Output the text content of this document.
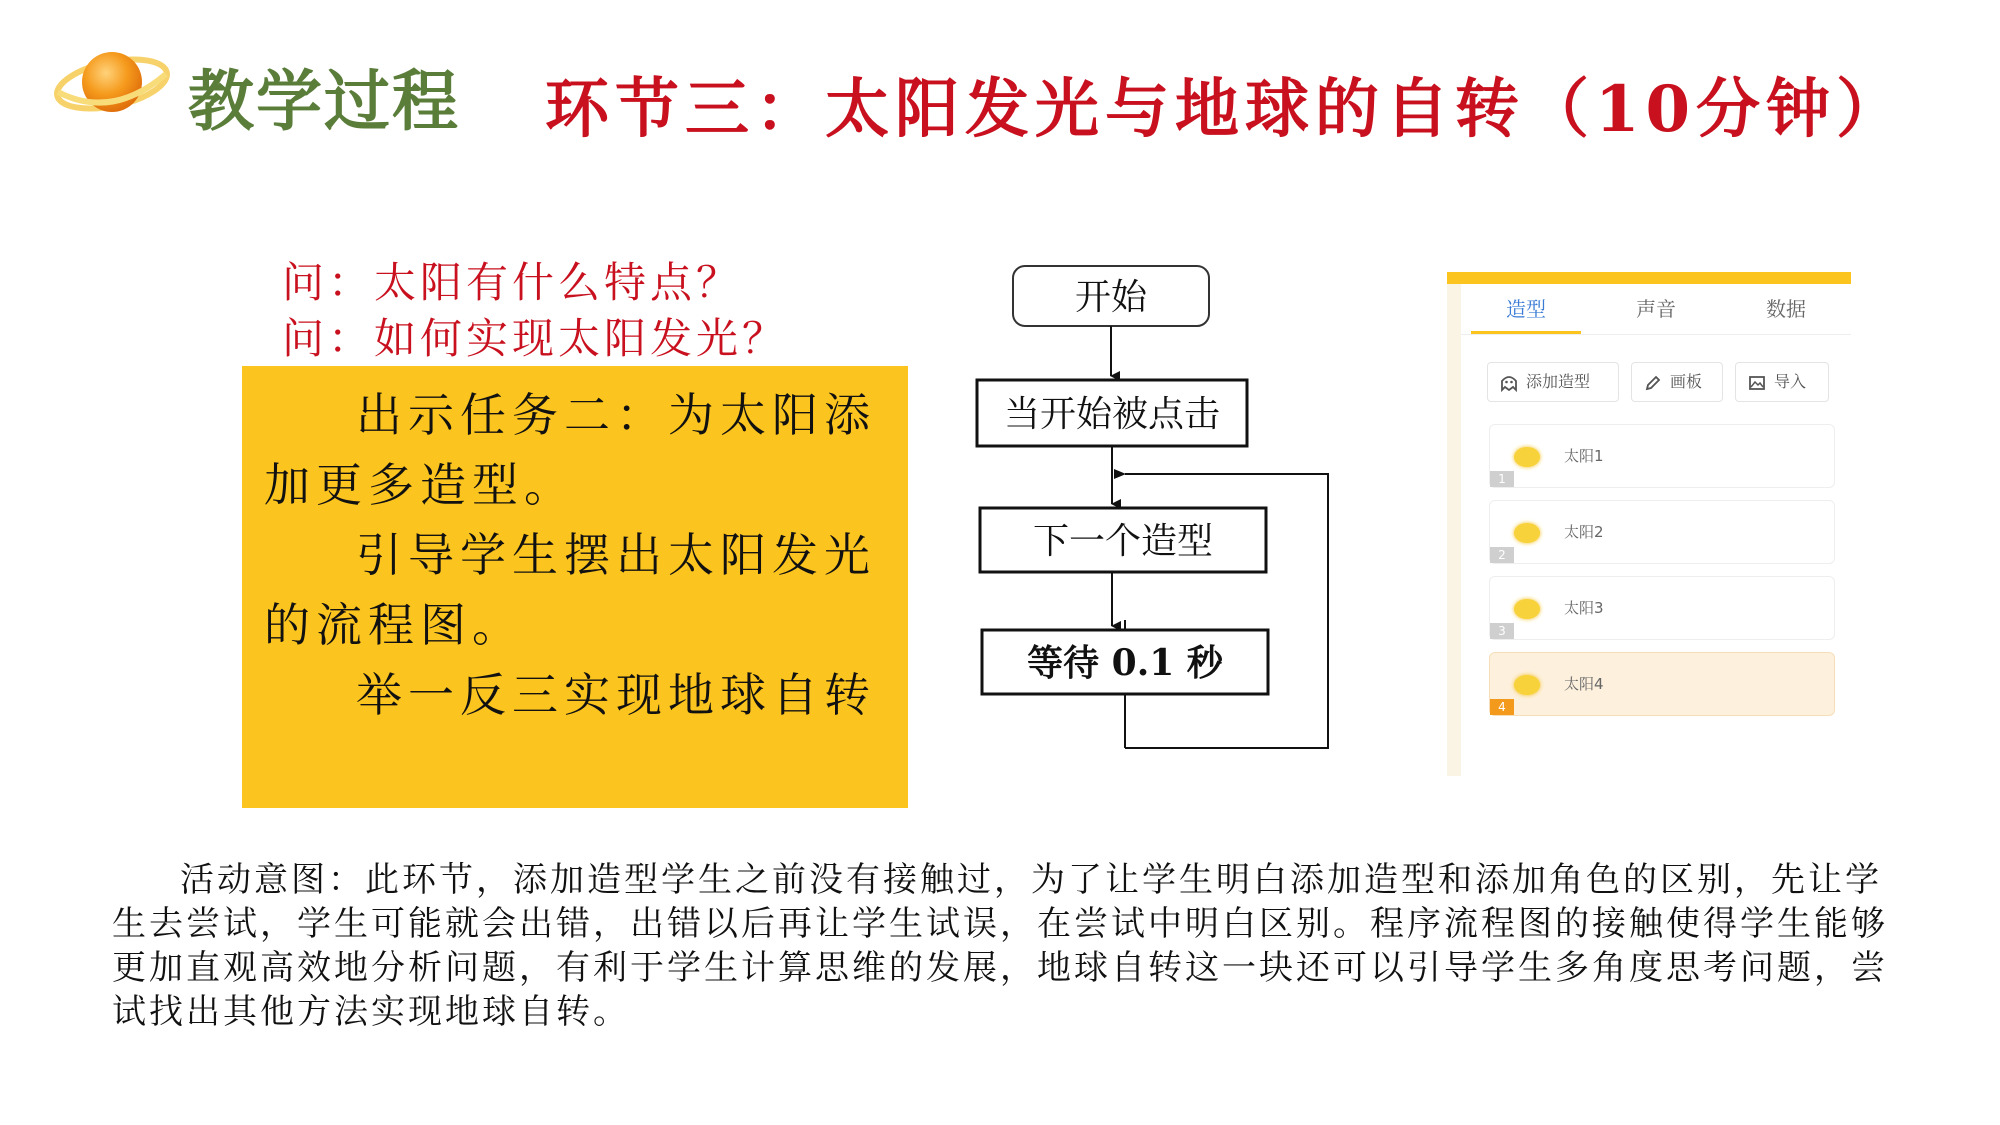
教学过程 环节三：太阳发光与地球的自转（10分钟）
问：太阳有什么特点？
问：如何实现太阳发光？

出示任务二：为太阳添加更多造型。

引导学生摆出太阳发光的流程图。

举一反三实现地球自转

开始
当开始被点击
下一个造型
等待 0.1 秒
造型	声音	数据
添加造型	画板	导入
太阳1
1
太阳2
2
太阳3
3
太阳4
4

活动意图：此环节，添加造型学生之前没有接触过，为了让学生明白添加造型和添加角色的区别，先让学生去尝试，学生可能就会出错，出错以后再让学生试误，在尝试中明白区别。程序流程图的接触使得学生能够更加直观高效地分析问题，有利于学生计算思维的发展，地球自转这一块还可以引导学生多角度思考问题，尝试找出其他方法实现地球自转。
